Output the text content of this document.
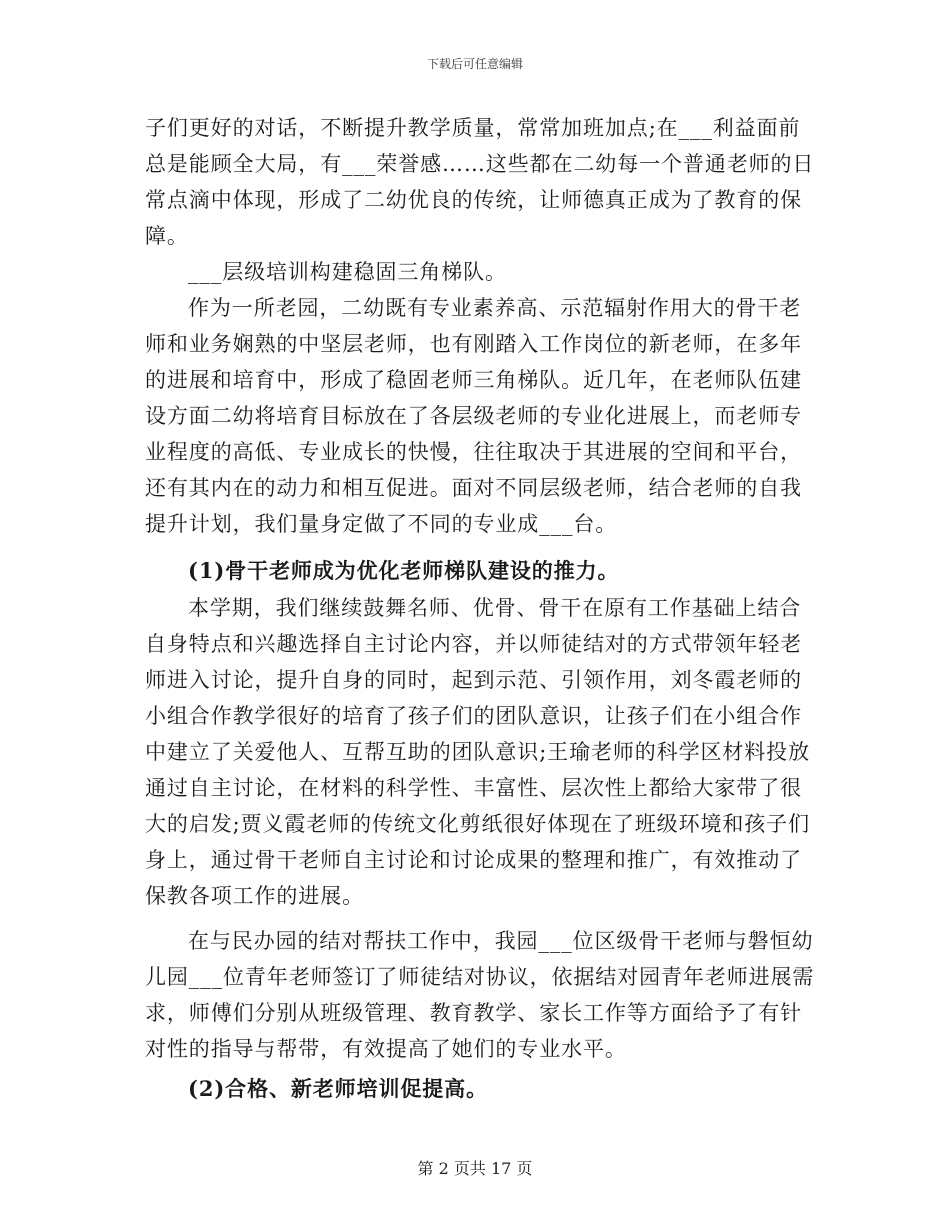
下载后可任意编辑
子们更好的对话，不断提升教学质量，常常加班加点;在___利益面前
总是能顾全大局，有___荣誉感……这些都在二幼每一个普通老师的日
常点滴中体现，形成了二幼优良的传统，让师德真正成为了教育的保
障。
___层级培训构建稳固三角梯队。
作为一所老园，二幼既有专业素养高、示范辐射作用大的骨干老
师和业务娴熟的中坚层老师，也有刚踏入工作岗位的新老师，在多年
的进展和培育中，形成了稳固老师三角梯队。近几年，在老师队伍建
设方面二幼将培育目标放在了各层级老师的专业化进展上，而老师专
业程度的高低、专业成长的快慢，往往取决于其进展的空间和平台，
还有其内在的动力和相互促进。面对不同层级老师，结合老师的自我
提升计划，我们量身定做了不同的专业成___台。
(1)骨干老师成为优化老师梯队建设的推力。
本学期，我们继续鼓舞名师、优骨、骨干在原有工作基础上结合
自身特点和兴趣选择自主讨论内容，并以师徒结对的方式带领年轻老
师进入讨论，提升自身的同时，起到示范、引领作用，刘冬霞老师的
小组合作教学很好的培育了孩子们的团队意识，让孩子们在小组合作
中建立了关爱他人、互帮互助的团队意识;王瑜老师的科学区材料投放
通过自主讨论，在材料的科学性、丰富性、层次性上都给大家带了很
大的启发;贾义霞老师的传统文化剪纸很好体现在了班级环境和孩子们
身上，通过骨干老师自主讨论和讨论成果的整理和推广，有效推动了
保教各项工作的进展。
在与民办园的结对帮扶工作中，我园___位区级骨干老师与磐恒幼
儿园___位青年老师签订了师徒结对协议，依据结对园青年老师进展需
求，师傅们分别从班级管理、教育教学、家长工作等方面给予了有针
对性的指导与帮带，有效提高了她们的专业水平。
(2)合格、新老师培训促提高。
第 2 页共 17 页
